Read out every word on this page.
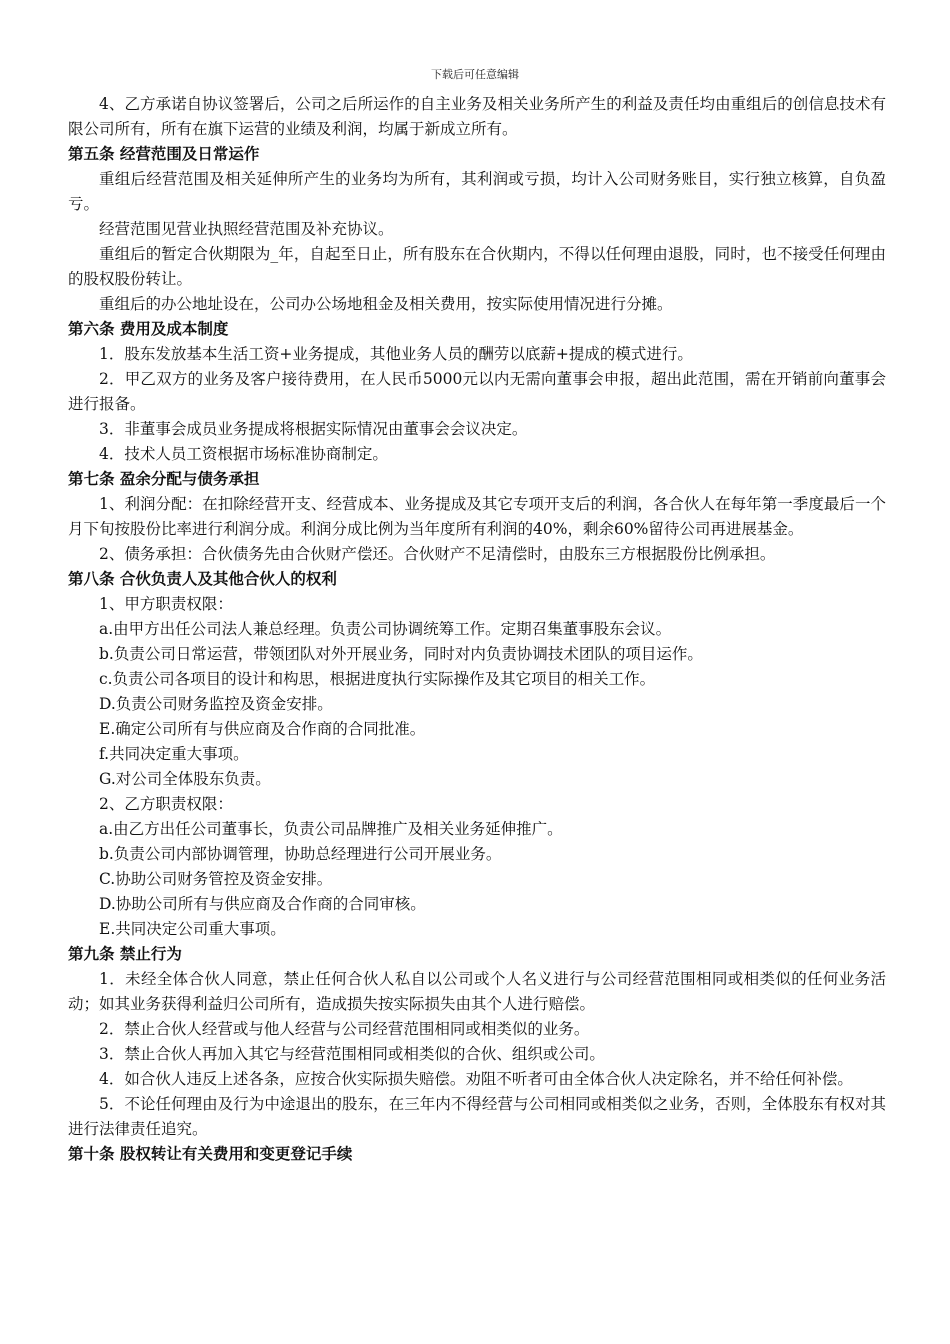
下载后可任意编辑

4、乙方承诺自协议签署后，公司之后所运作的自主业务及相关业务所产生的利益及责任均由重组后的创信息技术有限公司所有，所有在旗下运营的业绩及利润，均属于新成立所有。

第五条 经营范围及日常运作

重组后经营范围及相关延伸所产生的业务均为所有，其利润或亏损，均计入公司财务账目，实行独立核算，自负盈亏。

经营范围见营业执照经营范围及补充协议。

重组后的暂定合伙期限为_年，自起至日止，所有股东在合伙期内，不得以任何理由退股，同时，也不接受任何理由的股权股份转让。

重组后的办公地址设在，公司办公场地租金及相关费用，按实际使用情况进行分摊。

第六条 费用及成本制度

1．股东发放基本生活工资+业务提成，其他业务人员的酬劳以底薪+提成的模式进行。

2．甲乙双方的业务及客户接待费用，在人民币5000元以内无需向董事会申报，超出此范围，需在开销前向董事会进行报备。

3．非董事会成员业务提成将根据实际情况由董事会会议决定。

4．技术人员工资根据市场标准协商制定。

第七条 盈余分配与债务承担

1、利润分配：在扣除经营开支、经营成本、业务提成及其它专项开支后的利润，各合伙人在每年第一季度最后一个月下旬按股份比率进行利润分成。利润分成比例为当年度所有利润的40%，剩余60%留待公司再进展基金。

2、债务承担：合伙债务先由合伙财产偿还。合伙财产不足清偿时，由股东三方根据股份比例承担。

第八条 合伙负责人及其他合伙人的权利

1、甲方职责权限：

a.由甲方出任公司法人兼总经理。负责公司协调统筹工作。定期召集董事股东会议。

b.负责公司日常运营，带领团队对外开展业务，同时对内负责协调技术团队的项目运作。

c.负责公司各项目的设计和构思，根据进度执行实际操作及其它项目的相关工作。

D.负责公司财务监控及资金安排。

E.确定公司所有与供应商及合作商的合同批准。

f.共同决定重大事项。

G.对公司全体股东负责。

2、乙方职责权限：

a.由乙方出任公司董事长，负责公司品牌推广及相关业务延伸推广。

b.负责公司内部协调管理，协助总经理进行公司开展业务。

C.协助公司财务管控及资金安排。

D.协助公司所有与供应商及合作商的合同审核。

E.共同决定公司重大事项。

第九条 禁止行为

1．未经全体合伙人同意，禁止任何合伙人私自以公司或个人名义进行与公司经营范围相同或相类似的任何业务活动；如其业务获得利益归公司所有，造成损失按实际损失由其个人进行赔偿。

2．禁止合伙人经营或与他人经营与公司经营范围相同或相类似的业务。

3．禁止合伙人再加入其它与经营范围相同或相类似的合伙、组织或公司。

4．如合伙人违反上述各条，应按合伙实际损失赔偿。劝阻不听者可由全体合伙人决定除名，并不给任何补偿。

5．不论任何理由及行为中途退出的股东，在三年内不得经营与公司相同或相类似之业务，否则，全体股东有权对其进行法律责任追究。

第十条 股权转让有关费用和变更登记手续
